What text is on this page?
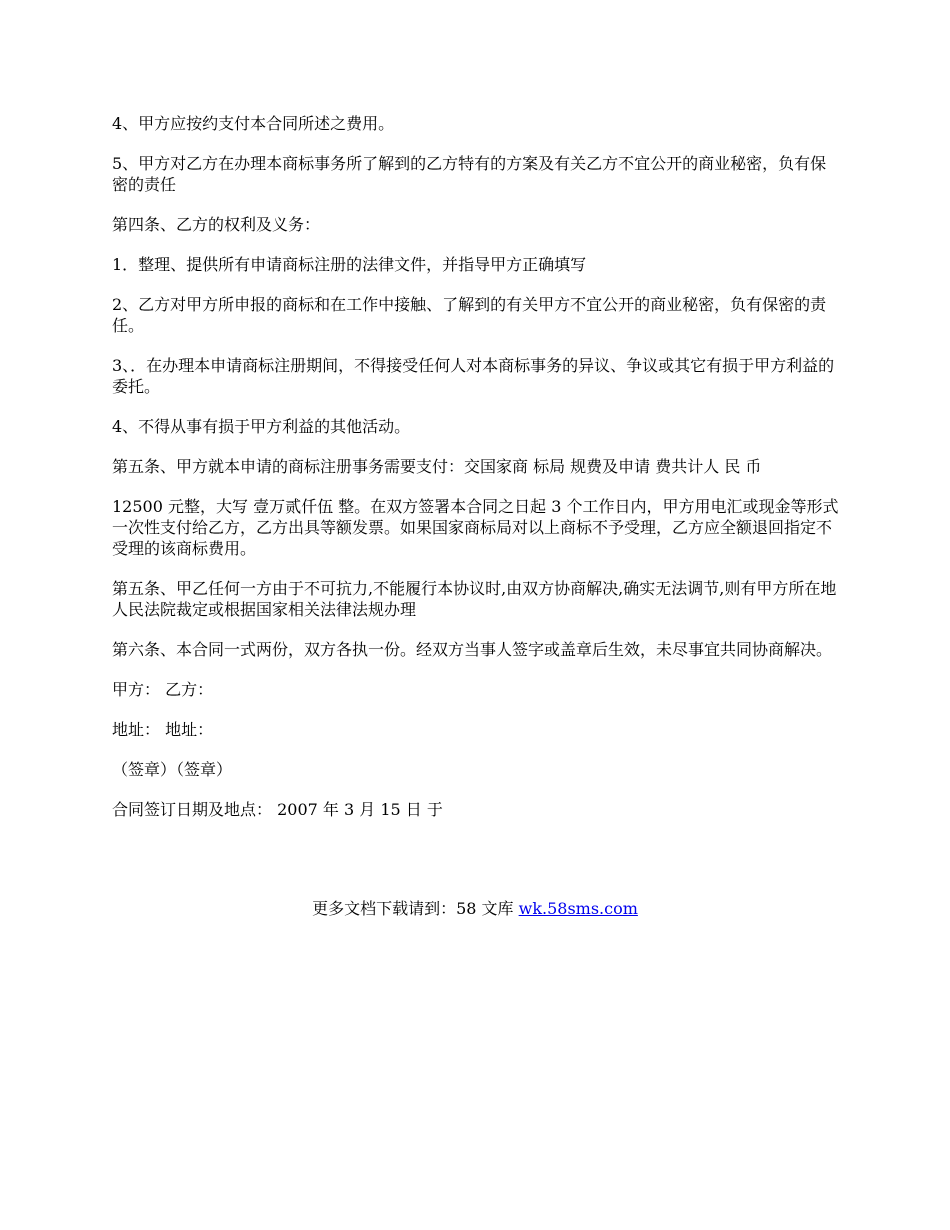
4、甲方应按约支付本合同所述之费用。

5、甲方对乙方在办理本商标事务所了解到的乙方特有的方案及有关乙方不宜公开的商业秘密，负有保密的责任

第四条、乙方的权利及义务：

1．整理、提供所有申请商标注册的法律文件，并指导甲方正确填写

2、乙方对甲方所申报的商标和在工作中接触、了解到的有关甲方不宜公开的商业秘密，负有保密的责任。

3、．在办理本申请商标注册期间，不得接受任何人对本商标事务的异议、争议或其它有损于甲方利益的委托。

4、不得从事有损于甲方利益的其他活动。

第五条、甲方就本申请的商标注册事务需要支付：交国家商 标局 规费及申请 费共计人 民 币

12500 元整，大写 壹万贰仟伍 整。在双方签署本合同之日起 3 个工作日内，甲方用电汇或现金等形式一次性支付给乙方，乙方出具等额发票。如果国家商标局对以上商标不予受理，乙方应全额退回指定不受理的该商标费用。

第五条、甲乙任何一方由于不可抗力,不能履行本协议时,由双方协商解决,确实无法调节,则有甲方所在地人民法院裁定或根据国家相关法律法规办理

第六条、本合同一式两份，双方各执一份。经双方当事人签字或盖章后生效，未尽事宜共同协商解决。

甲方： 乙方：

地址： 地址：

（签章）（签章）

合同签订日期及地点： 2007 年 3 月 15 日 于

更多文档下载请到：58 文库 wk.58sms.com
